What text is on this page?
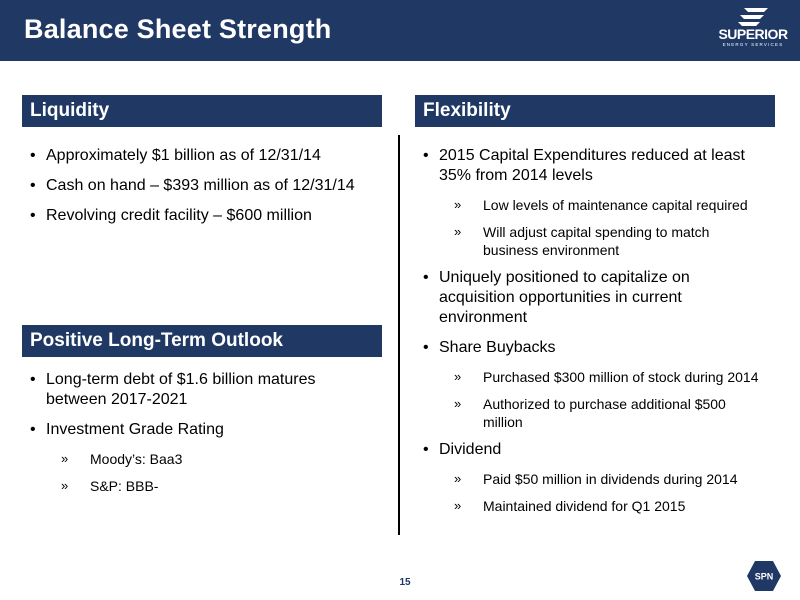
Balance Sheet Strength	SUPERIOR
ENERGY SERVICES
Liquidity
• Approximately $1 billion as of 12/31/14
• Cash on hand – $393 million as of 12/31/14
• Revolving credit facility – $600 million
Positive Long-Term Outlook
• Long-term debt of $1.6 billion matures between 2017-2021
• Investment Grade Rating
» Moody’s: Baa3
» S&P: BBB-
Flexibility
• 2015 Capital Expenditures reduced at least 35% from 2014 levels
» Low levels of maintenance capital required
» Will adjust capital spending to match business environment
• Uniquely positioned to capitalize on acquisition opportunities in current environment
• Share Buybacks
» Purchased $300 million of stock during 2014
» Authorized to purchase additional $500 million
• Dividend
» Paid $50 million in dividends during 2014
» Maintained dividend for Q1 2015
15
SPN
